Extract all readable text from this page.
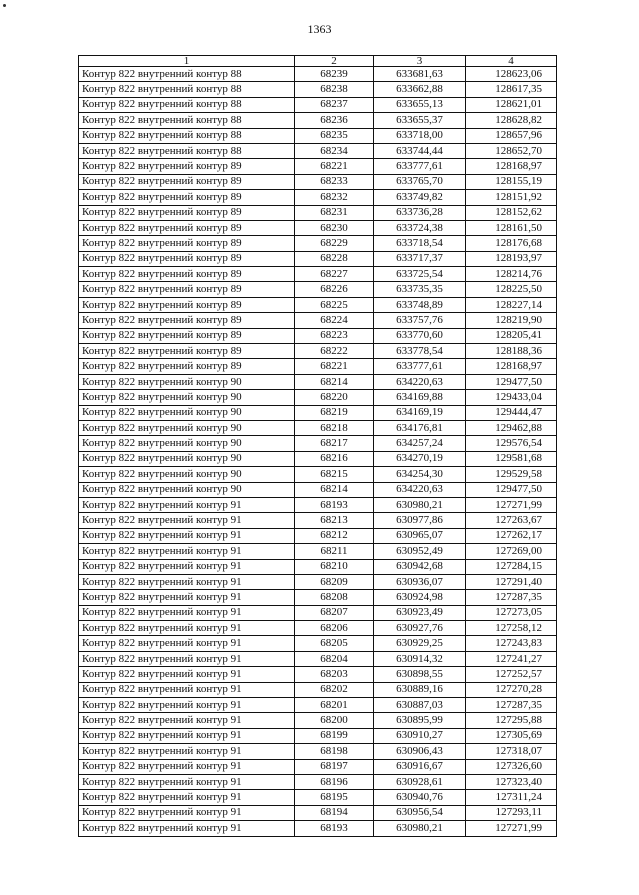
1363
1	2	3	4
Контур 822 внутренний контур 88	68239	633681,63	128623,06
Контур 822 внутренний контур 88	68238	633662,88	128617,35
Контур 822 внутренний контур 88	68237	633655,13	128621,01
Контур 822 внутренний контур 88	68236	633655,37	128628,82
Контур 822 внутренний контур 88	68235	633718,00	128657,96
Контур 822 внутренний контур 88	68234	633744,44	128652,70
Контур 822 внутренний контур 89	68221	633777,61	128168,97
Контур 822 внутренний контур 89	68233	633765,70	128155,19
Контур 822 внутренний контур 89	68232	633749,82	128151,92
Контур 822 внутренний контур 89	68231	633736,28	128152,62
Контур 822 внутренний контур 89	68230	633724,38	128161,50
Контур 822 внутренний контур 89	68229	633718,54	128176,68
Контур 822 внутренний контур 89	68228	633717,37	128193,97
Контур 822 внутренний контур 89	68227	633725,54	128214,76
Контур 822 внутренний контур 89	68226	633735,35	128225,50
Контур 822 внутренний контур 89	68225	633748,89	128227,14
Контур 822 внутренний контур 89	68224	633757,76	128219,90
Контур 822 внутренний контур 89	68223	633770,60	128205,41
Контур 822 внутренний контур 89	68222	633778,54	128188,36
Контур 822 внутренний контур 89	68221	633777,61	128168,97
Контур 822 внутренний контур 90	68214	634220,63	129477,50
Контур 822 внутренний контур 90	68220	634169,88	129433,04
Контур 822 внутренний контур 90	68219	634169,19	129444,47
Контур 822 внутренний контур 90	68218	634176,81	129462,88
Контур 822 внутренний контур 90	68217	634257,24	129576,54
Контур 822 внутренний контур 90	68216	634270,19	129581,68
Контур 822 внутренний контур 90	68215	634254,30	129529,58
Контур 822 внутренний контур 90	68214	634220,63	129477,50
Контур 822 внутренний контур 91	68193	630980,21	127271,99
Контур 822 внутренний контур 91	68213	630977,86	127263,67
Контур 822 внутренний контур 91	68212	630965,07	127262,17
Контур 822 внутренний контур 91	68211	630952,49	127269,00
Контур 822 внутренний контур 91	68210	630942,68	127284,15
Контур 822 внутренний контур 91	68209	630936,07	127291,40
Контур 822 внутренний контур 91	68208	630924,98	127287,35
Контур 822 внутренний контур 91	68207	630923,49	127273,05
Контур 822 внутренний контур 91	68206	630927,76	127258,12
Контур 822 внутренний контур 91	68205	630929,25	127243,83
Контур 822 внутренний контур 91	68204	630914,32	127241,27
Контур 822 внутренний контур 91	68203	630898,55	127252,57
Контур 822 внутренний контур 91	68202	630889,16	127270,28
Контур 822 внутренний контур 91	68201	630887,03	127287,35
Контур 822 внутренний контур 91	68200	630895,99	127295,88
Контур 822 внутренний контур 91	68199	630910,27	127305,69
Контур 822 внутренний контур 91	68198	630906,43	127318,07
Контур 822 внутренний контур 91	68197	630916,67	127326,60
Контур 822 внутренний контур 91	68196	630928,61	127323,40
Контур 822 внутренний контур 91	68195	630940,76	127311,24
Контур 822 внутренний контур 91	68194	630956,54	127293,11
Контур 822 внутренний контур 91	68193	630980,21	127271,99
